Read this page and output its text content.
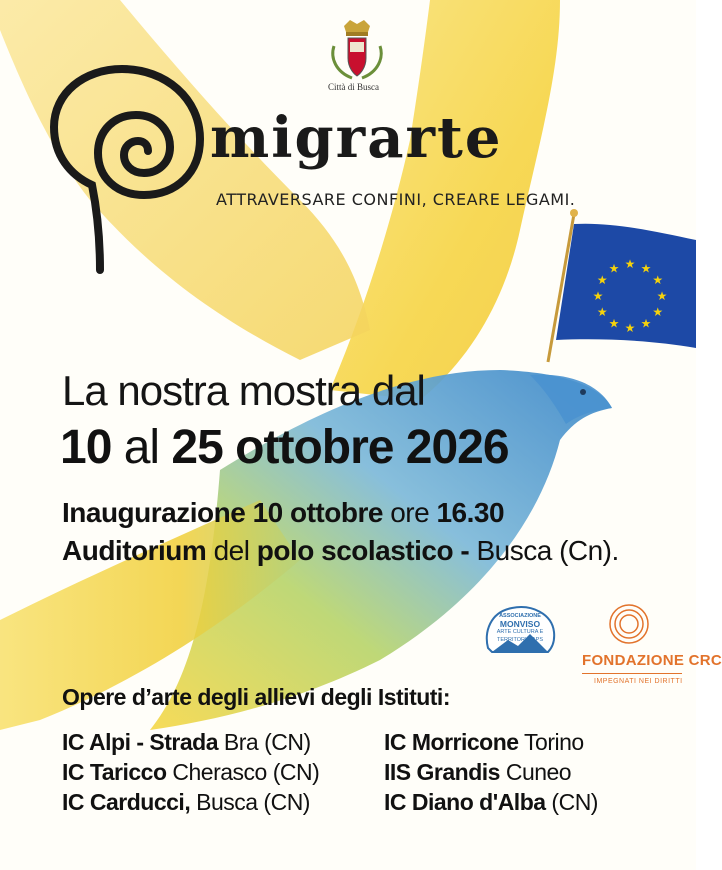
★ ★
★
★
★
★
★
★
★
★
★
★
Città di Busca
migrarte
ATTRAVERSARE CONFINI, CREARE LEGAMI.
La nostra mostra dal
10 al 25 ottobre 2026
Inaugurazione 10 ottobre ore 16.30
Auditorium del polo scolastico - Busca (Cn).
ASSOCIAZIONE
MONVISO
ARTE CULTURA E
TERRITORIO APS
FONDAZIONE CRC
IMPEGNATI NEI DIRITTI
Opere d’arte degli allievi degli Istituti:
IC Alpi - Strada Bra (CN)
IC Taricco Cherasco (CN)
IC Carducci, Busca (CN)
IC Morricone Torino
IIS Grandis Cuneo
IC Diano d'Alba (CN)
